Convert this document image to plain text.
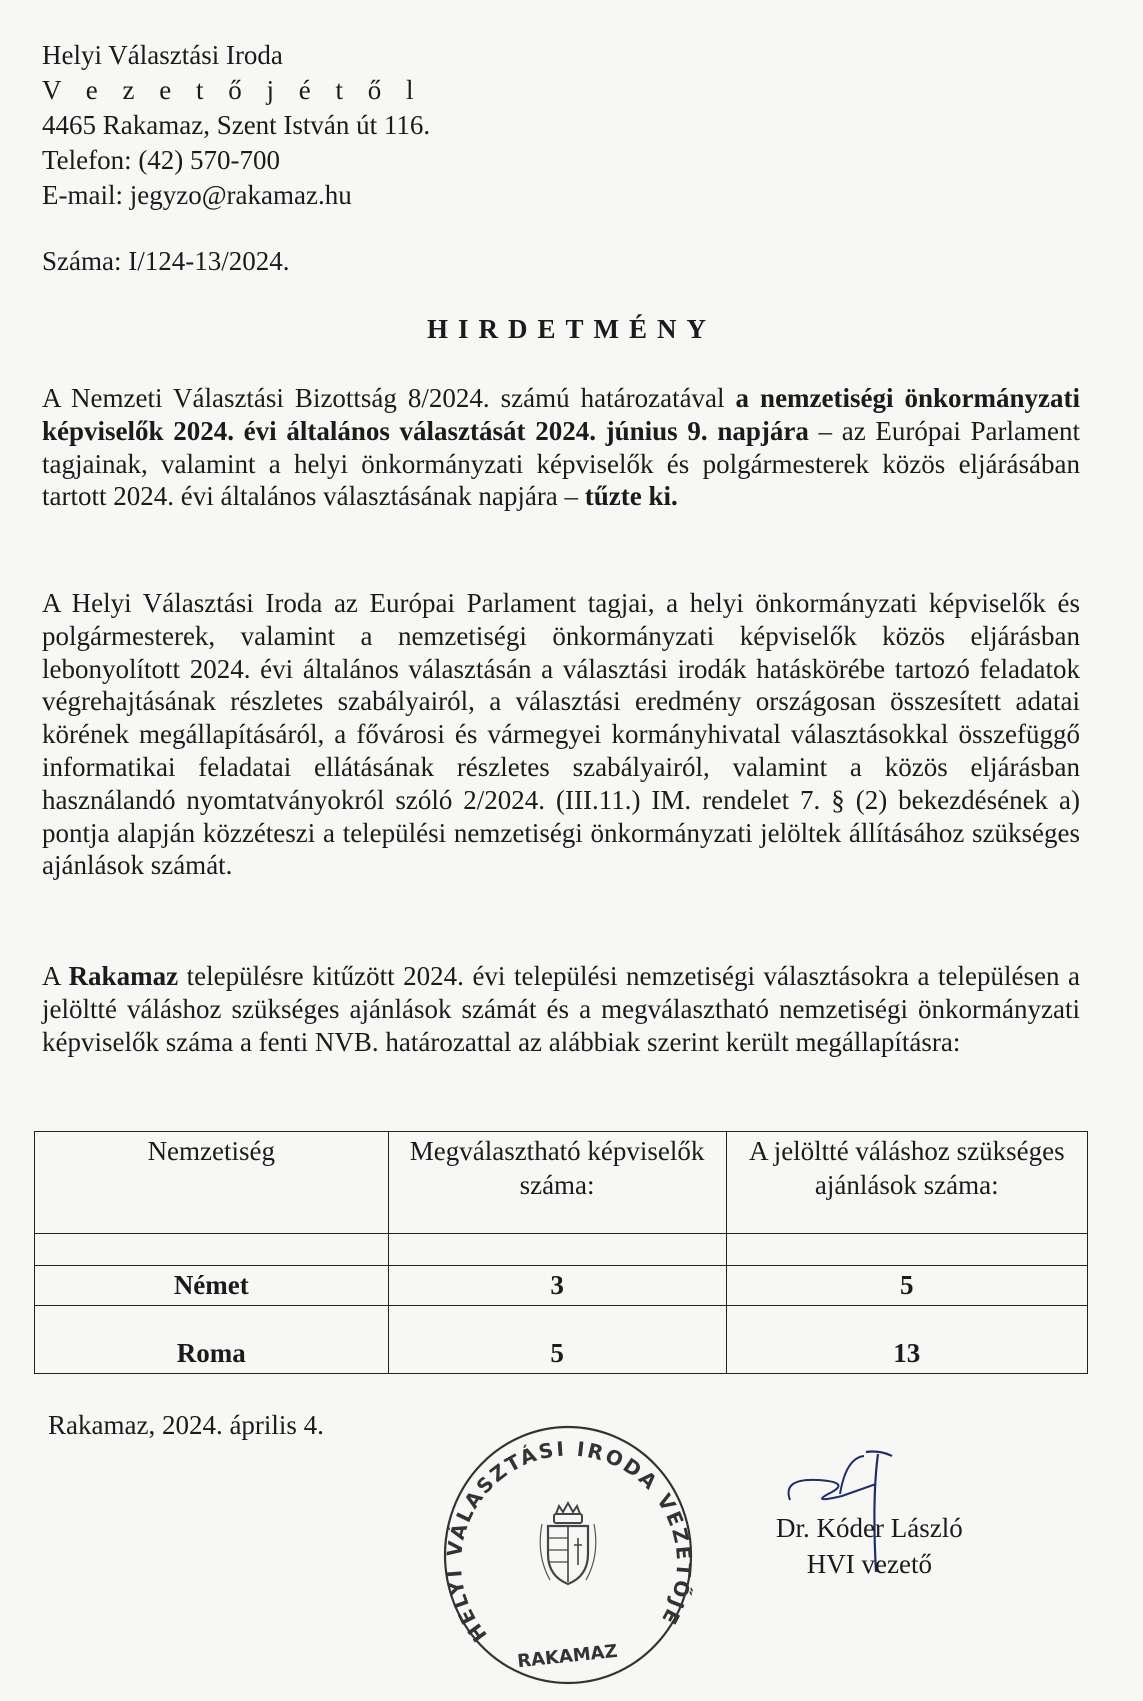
Helyi Választási Iroda
V e z e t ő j é t ő l
4465 Rakamaz, Szent István út 116.
Telefon: (42) 570-700
E-mail: jegyzo@rakamaz.hu
Száma: I/124-13/2024.
HIRDETMÉNY
A Nemzeti Választási Bizottság 8/2024. számú határozatával a nemzetiségi önkormányzati képviselők 2024. évi általános választását 2024. június 9. napjára – az Európai Parlament tagjainak, valamint a helyi önkormányzati képviselők és polgármesterek közös eljárásában tartott 2024. évi általános választásának napjára – tűzte ki.
A Helyi Választási Iroda az Európai Parlament tagjai, a helyi önkormányzati képviselők és polgármesterek, valamint a nemzetiségi önkormányzati képviselők közös eljárásban lebonyolított 2024. évi általános választásán a választási irodák hatáskörébe tartozó feladatok végrehajtásának részletes szabályairól, a választási eredmény országosan összesített adatai körének megállapításáról, a fővárosi és vármegyei kormányhivatal választásokkal összefüggő informatikai feladatai ellátásának részletes szabályairól, valamint a közös eljárásban használandó nyomtatványokról szóló 2/2024. (III.11.) IM. rendelet 7. § (2) bekezdésének a) pontja alapján közzéteszi a települési nemzetiségi önkormányzati jelöltek állításához szükséges ajánlások számát.
A Rakamaz településre kitűzött 2024. évi települési nemzetiségi választásokra a településen a jelöltté váláshoz szükséges ajánlások számát és a megválasztható nemzetiségi önkormányzati képviselők száma a fenti NVB. határozattal az alábbiak szerint került megállapításra:
Nemzetiség	Megválasztható képviselők száma:	A jelöltté váláshoz szükséges ajánlások száma:

Német	3	5
Roma	5	13
Rakamaz, 2024. április 4.
HELYI VÁLASZTÁSI IRODA VEZETŐJE
RAKAMAZ
Dr. Kóder László
HVI vezető
